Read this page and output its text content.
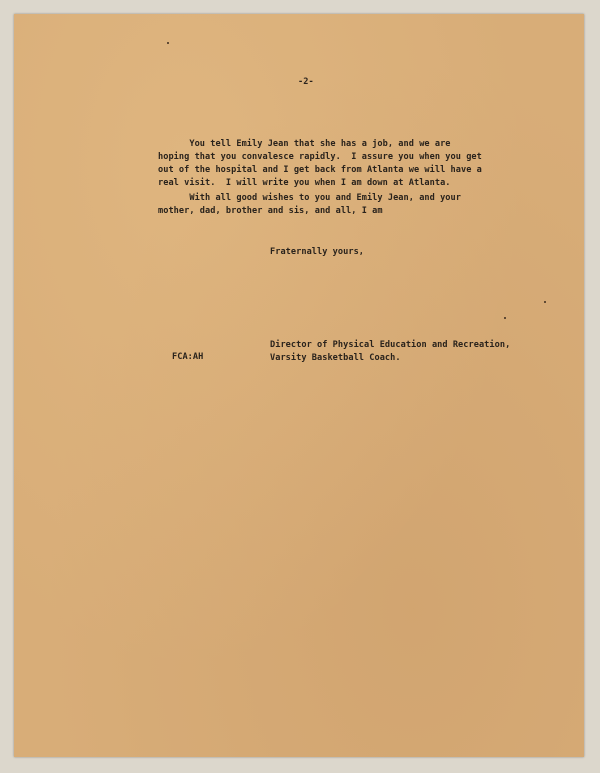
-2-

You tell Emily Jean that she has a job, and we are
hoping that you convalesce rapidly.  I assure you when you get
out of the hospital and I get back from Atlanta we will have a
real visit.  I will write you when I am down at Atlanta.
With all good wishes to you and Emily Jean, and your
mother, dad, brother and sis, and all, I am

Fraternally yours,

Director of Physical Education and Recreation,
Varsity Basketball Coach.

FCA:AH
